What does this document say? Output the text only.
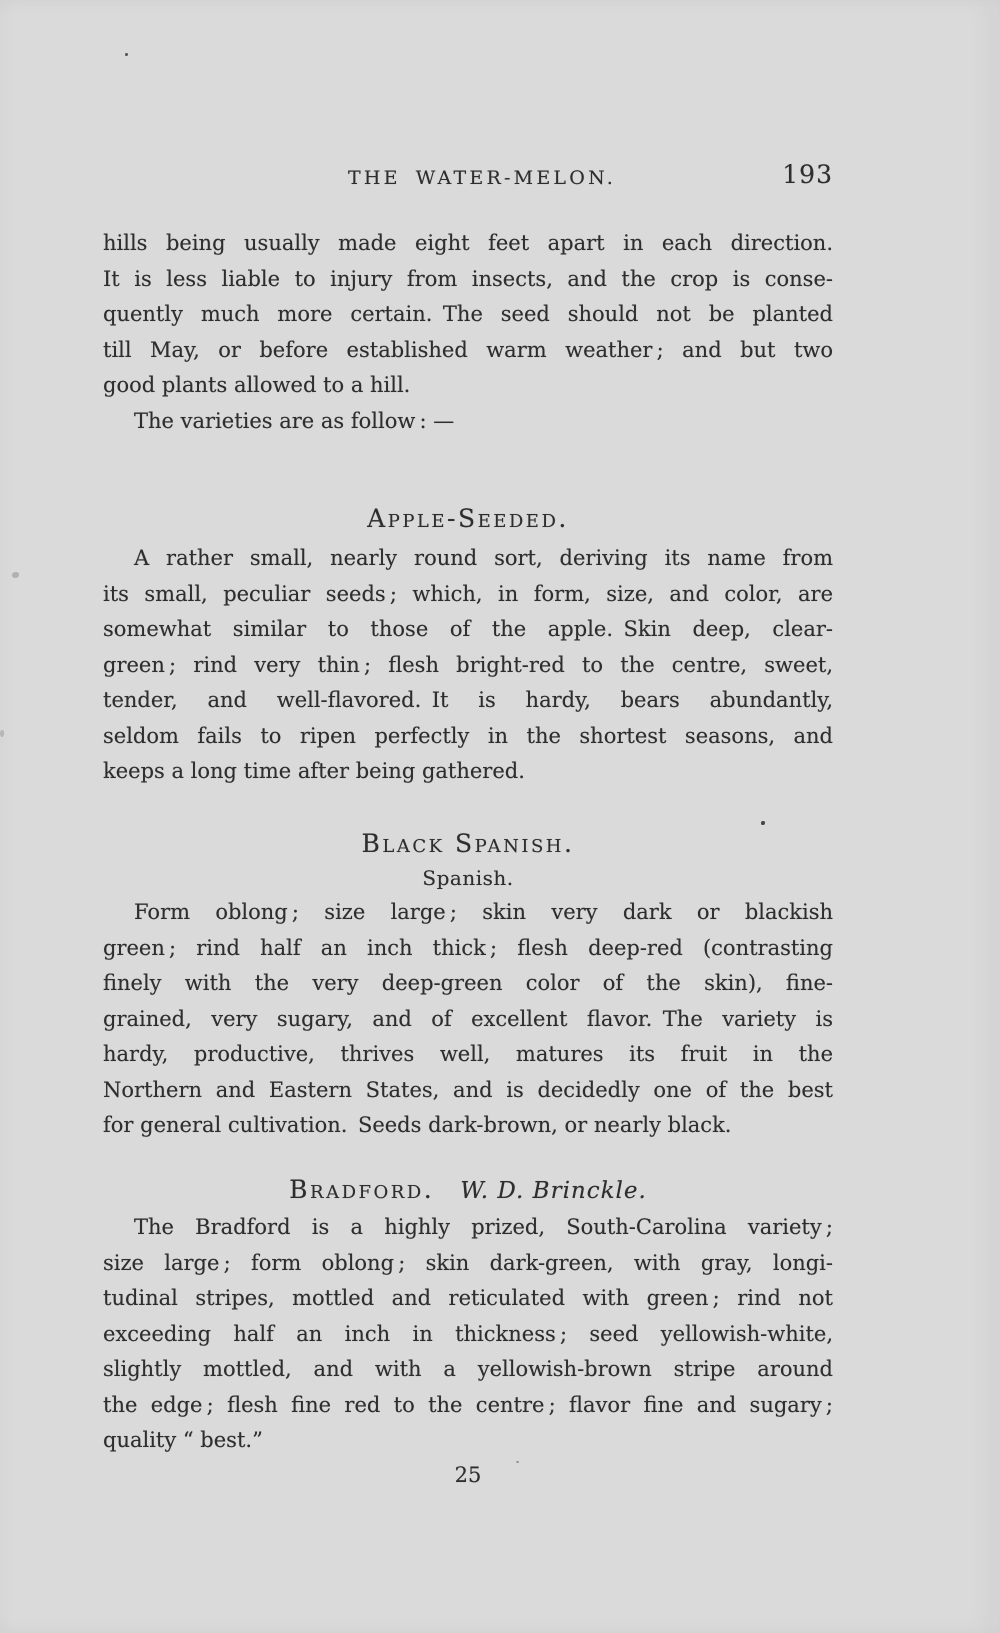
THE WATER-MELON.	193
hills being usually made eight feet apart in each direction.
It is less liable to injury from insects, and the crop is conse-
quently much more certain. The seed should not be planted
till May, or before established warm weather ; and but two
good plants allowed to a hill.
The varieties are as follow : —
Apple-Seeded.
A rather small, nearly round sort, deriving its name from
its small, peculiar seeds ; which, in form, size, and color, are
somewhat similar to those of the apple. Skin deep, clear-
green ; rind very thin ; flesh bright-red to the centre, sweet,
tender, and well-flavored. It is hardy, bears abundantly,
seldom fails to ripen perfectly in the shortest seasons, and
keeps a long time after being gathered.
Black Spanish.
Spanish.
Form oblong ; size large ; skin very dark or blackish
green ; rind half an inch thick ; flesh deep-red (contrasting
finely with the very deep-green color of the skin), fine-
grained, very sugary, and of excellent flavor. The variety is
hardy, productive, thrives well, matures its fruit in the
Northern and Eastern States, and is decidedly one of the best
for general cultivation. Seeds dark-brown, or nearly black.
Bradford. W. D. Brinckle.
The Bradford is a highly prized, South-Carolina variety ;
size large ; form oblong ; skin dark-green, with gray, longi-
tudinal stripes, mottled and reticulated with green ; rind not
exceeding half an inch in thickness ; seed yellowish-white,
slightly mottled, and with a yellowish-brown stripe around
the edge ; flesh fine red to the centre ; flavor fine and sugary ;
quality “ best.”
25
